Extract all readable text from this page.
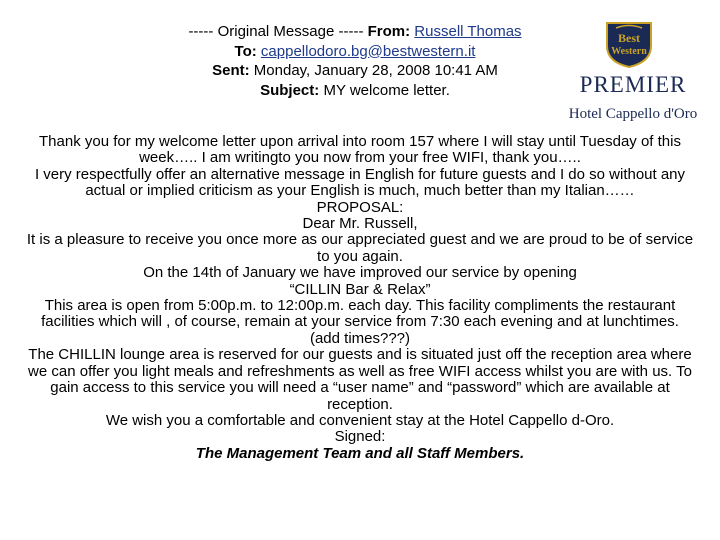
----- Original Message ----- From: Russell Thomas
To: cappellodoro.bg@bestwestern.it
Sent: Monday, January 28, 2008 10:41 AM
Subject: MY welcome letter.
Best
Western
PREMIER
Hotel Cappello d'Oro

Thank you for my welcome letter upon arrival into room 157 where I will stay until Tuesday of this week….. I am writingto you now from your free WIFI, thank you…..

I very respectfully offer an alternative message in English for future guests and I do so without any actual or implied criticism as your English is much, much better than my Italian……

PROPOSAL:

Dear Mr. Russell,

It is a pleasure to receive you once more as our appreciated guest and we are proud to be of service to you again.

On the 14th of January we have improved our service by opening

“CILLIN Bar & Relax”

This area is open from 5:00p.m. to 12:00p.m. each day. This facility compliments the restaurant facilities which will , of course, remain at your service from 7:30 each evening and at lunchtimes. (add times???)

The CHILLIN lounge area is reserved for our guests and is situated just off the reception area where we can offer you light meals and refreshments as well as free WIFI access whilst you are with us. To gain access to this service you will need a “user name” and “password” which are available at reception.

We wish you a comfortable and convenient stay at the Hotel Cappello d-Oro.

Signed:

The Management Team and all Staff Members.
